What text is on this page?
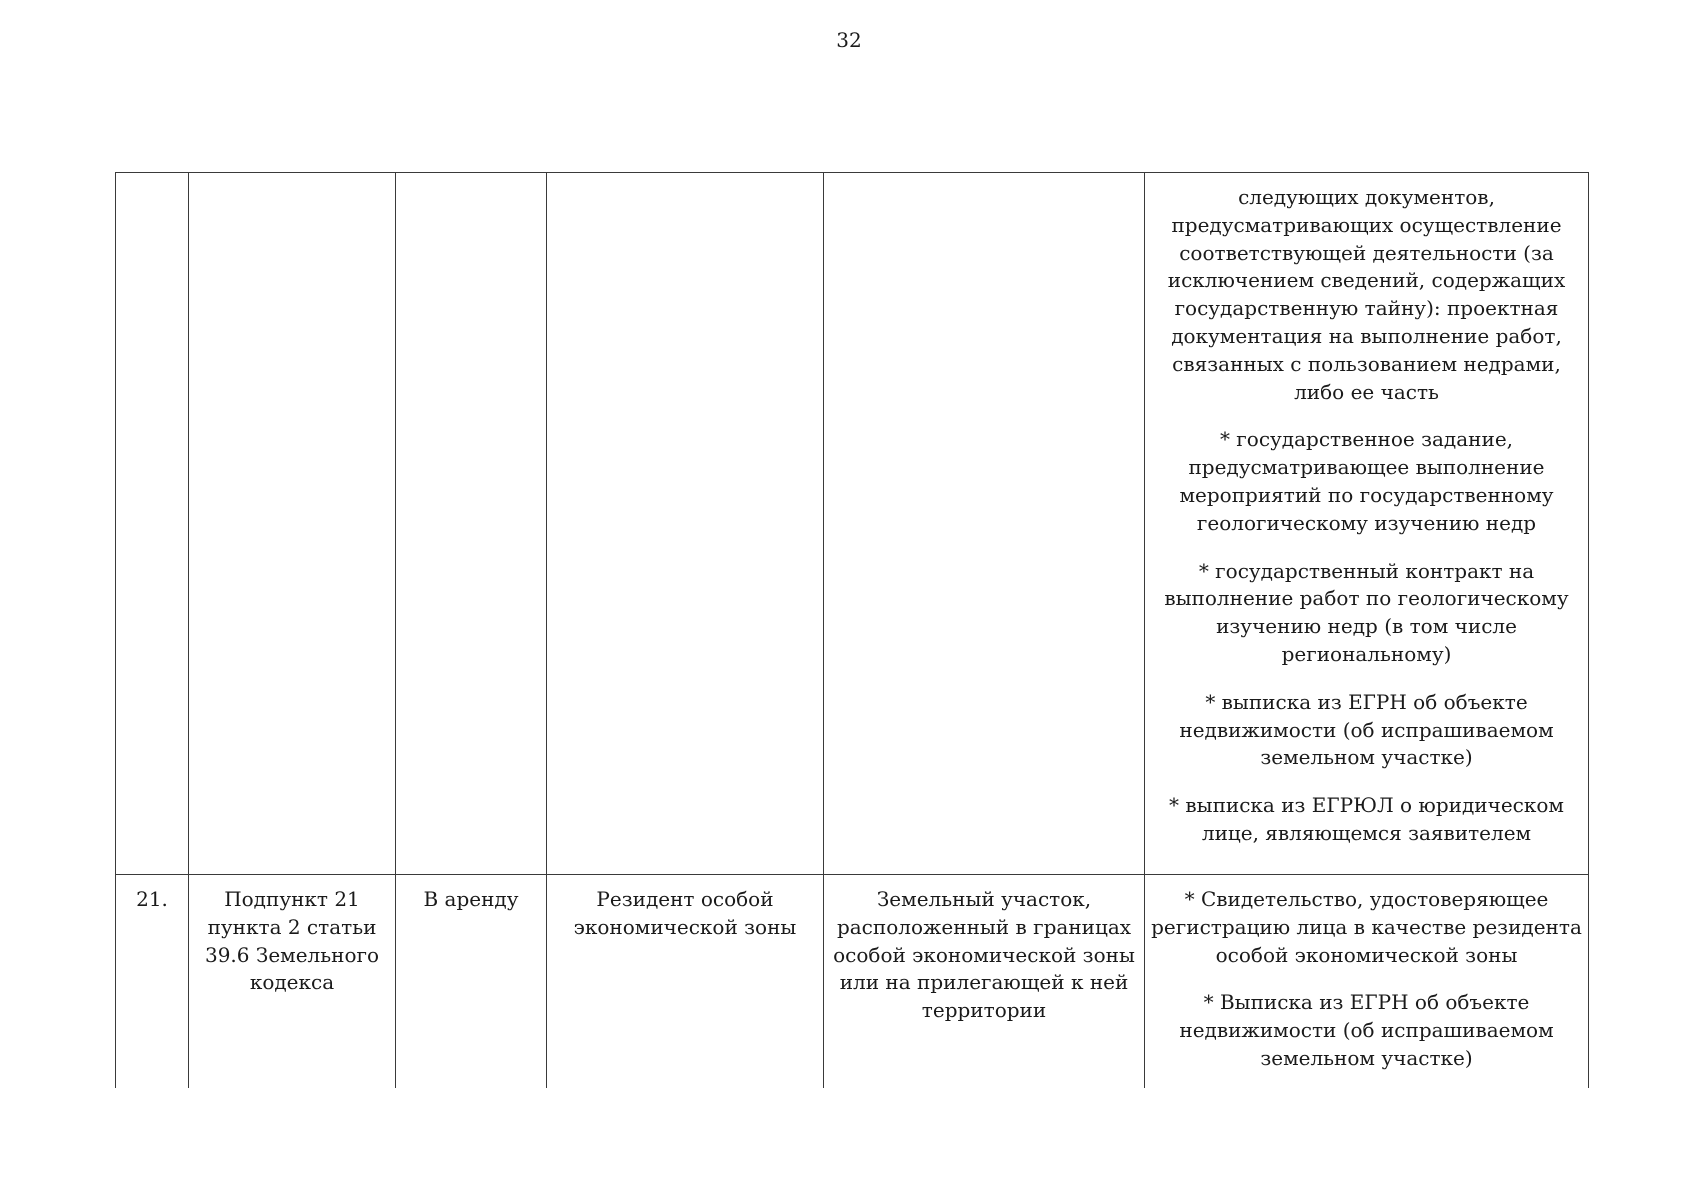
32

					следующих документов, предусматривающих осуществление соответствующей деятельности (за исключением сведений, содержащих государственную тайну): проектная документация на выполнение работ, связанных с пользованием недрами, либо ее часть

* государственное задание, предусматривающее выполнение мероприятий по государственному геологическому изучению недр

* государственный контракт на выполнение работ по геологическому изучению недр (в том числе региональному)

* выписка из ЕГРН об объекте недвижимости (об испрашиваемом земельном участке)

* выписка из ЕГРЮЛ о юридическом лице, являющемся заявителем

21.	Подпункт 21 пункта 2 статьи 39.6 Земельного кодекса	В аренду	Резидент особой экономической зоны	Земельный участок, расположенный в границах особой экономической зоны или на прилегающей к ней территории	* Свидетельство, удостоверяющее регистрацию лица в качестве резидента особой экономической зоны

* Выписка из ЕГРН об объекте недвижимости (об испрашиваемом земельном участке)
